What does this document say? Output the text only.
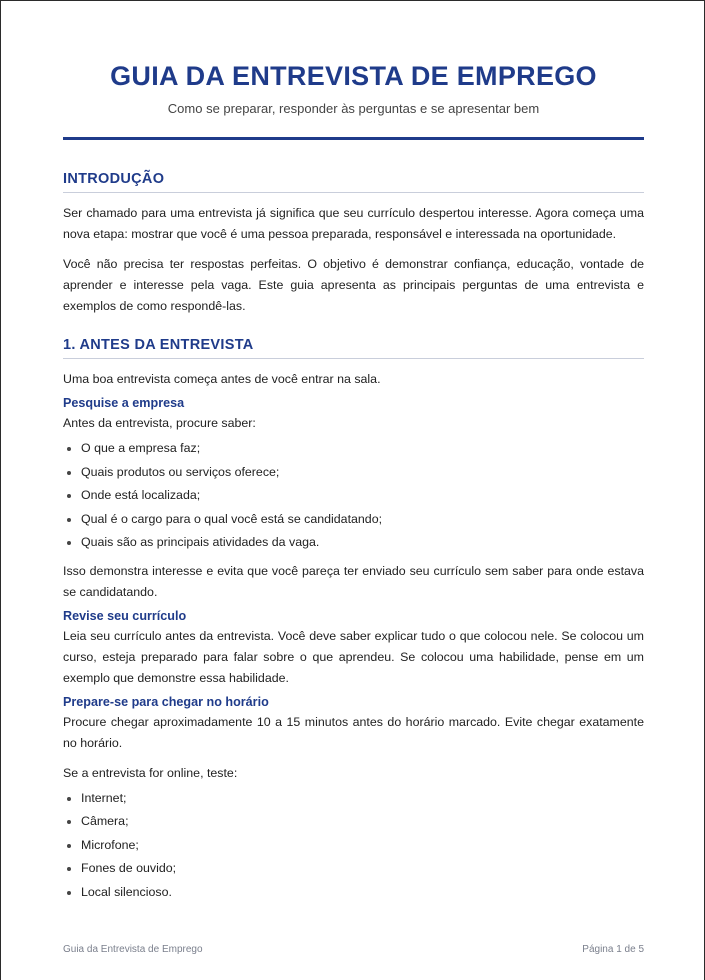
GUIA DA ENTREVISTA DE EMPREGO
Como se preparar, responder às perguntas e se apresentar bem
INTRODUÇÃO

Ser chamado para uma entrevista já significa que seu currículo despertou interesse. Agora começa uma nova etapa: mostrar que você é uma pessoa preparada, responsável e interessada na oportunidade.

Você não precisa ter respostas perfeitas. O objetivo é demonstrar confiança, educação, vontade de aprender e interesse pela vaga. Este guia apresenta as principais perguntas de uma entrevista e exemplos de como respondê-las.

1. ANTES DA ENTREVISTA

Uma boa entrevista começa antes de você entrar na sala.

Pesquise a empresa

Antes da entrevista, procure saber:

O que a empresa faz;
Quais produtos ou serviços oferece;
Onde está localizada;
Qual é o cargo para o qual você está se candidatando;
Quais são as principais atividades da vaga.

Isso demonstra interesse e evita que você pareça ter enviado seu currículo sem saber para onde estava se candidatando.

Revise seu currículo

Leia seu currículo antes da entrevista. Você deve saber explicar tudo o que colocou nele. Se colocou um curso, esteja preparado para falar sobre o que aprendeu. Se colocou uma habilidade, pense em um exemplo que demonstre essa habilidade.

Prepare-se para chegar no horário

Procure chegar aproximadamente 10 a 15 minutos antes do horário marcado. Evite chegar exatamente no horário.

Se a entrevista for online, teste:

Internet;
Câmera;
Microfone;
Fones de ouvido;
Local silencioso.
Guia da Entrevista de Emprego	Página 1 de 5
